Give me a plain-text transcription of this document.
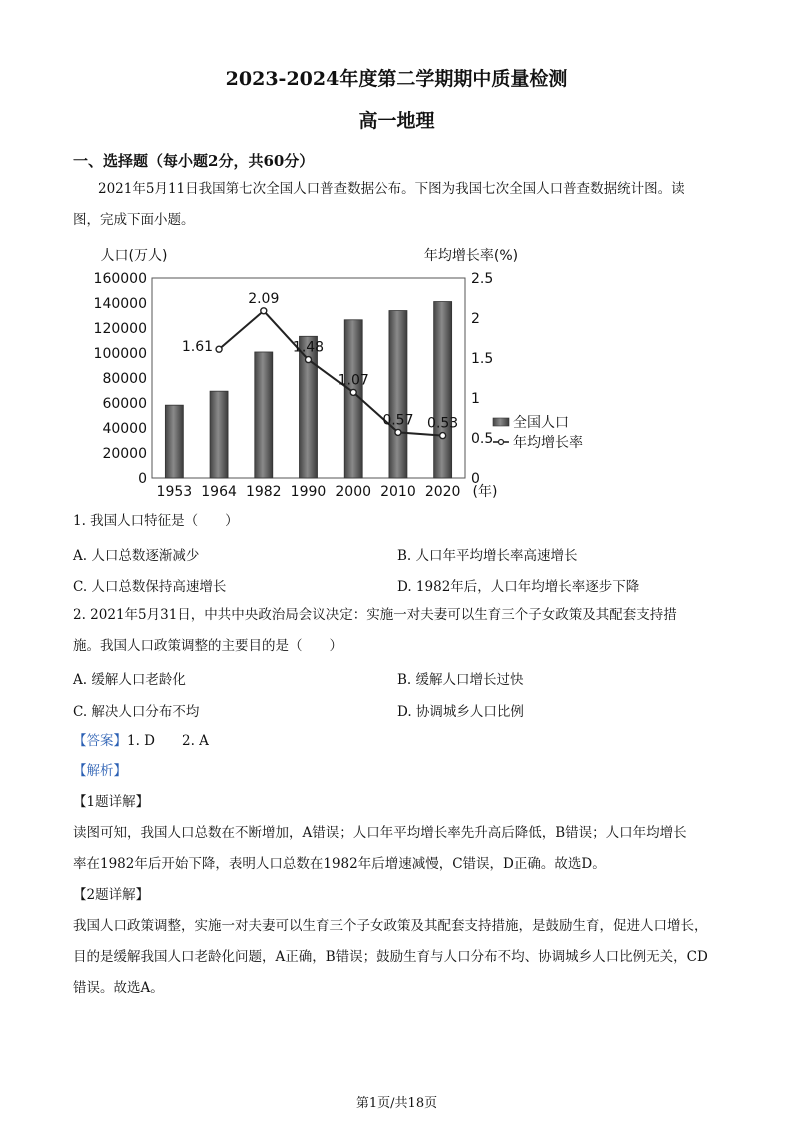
2023-2024年度第二学期期中质量检测
高一地理
一、选择题（每小题2分，共60分）
2021年5月11日我国第七次全国人口普查数据公布。下图为我国七次全国人口普查数据统计图。读
图，完成下面小题。
0
20000
40000
60000
80000
100000
120000
140000
160000
0
0.5
1
1.5
2
2.5
人口(万人)	年均增长率(%)
1953 1964 1982 1990 2000 2010 2020 (年)
1.61
2.09
1.48
1.07
0.57 0.53	全国人口
年均增长率
1. 我国人口特征是（　　）
A. 人口总数逐渐减少	B. 人口年平均增长率高速增长
C. 人口总数保持高速增长	D. 1982年后，人口年均增长率逐步下降
2. 2021年5月31日，中共中央政治局会议决定：实施一对夫妻可以生育三个子女政策及其配套支持措
施。我国人口政策调整的主要目的是（　　）
A. 缓解人口老龄化	B. 缓解人口增长过快
C. 解决人口分布不均	D. 协调城乡人口比例
【答案】1. D　　2. A
【解析】
【1题详解】
读图可知，我国人口总数在不断增加，A错误；人口年平均增长率先升高后降低，B错误；人口年均增长
率在1982年后开始下降，表明人口总数在1982年后增速减慢，C错误，D正确。故选D。
【2题详解】
我国人口政策调整，实施一对夫妻可以生育三个子女政策及其配套支持措施，是鼓励生育，促进人口增长，
目的是缓解我国人口老龄化问题，A正确，B错误；鼓励生育与人口分布不均、协调城乡人口比例无关，CD
错误。故选A。
第1页/共18页
